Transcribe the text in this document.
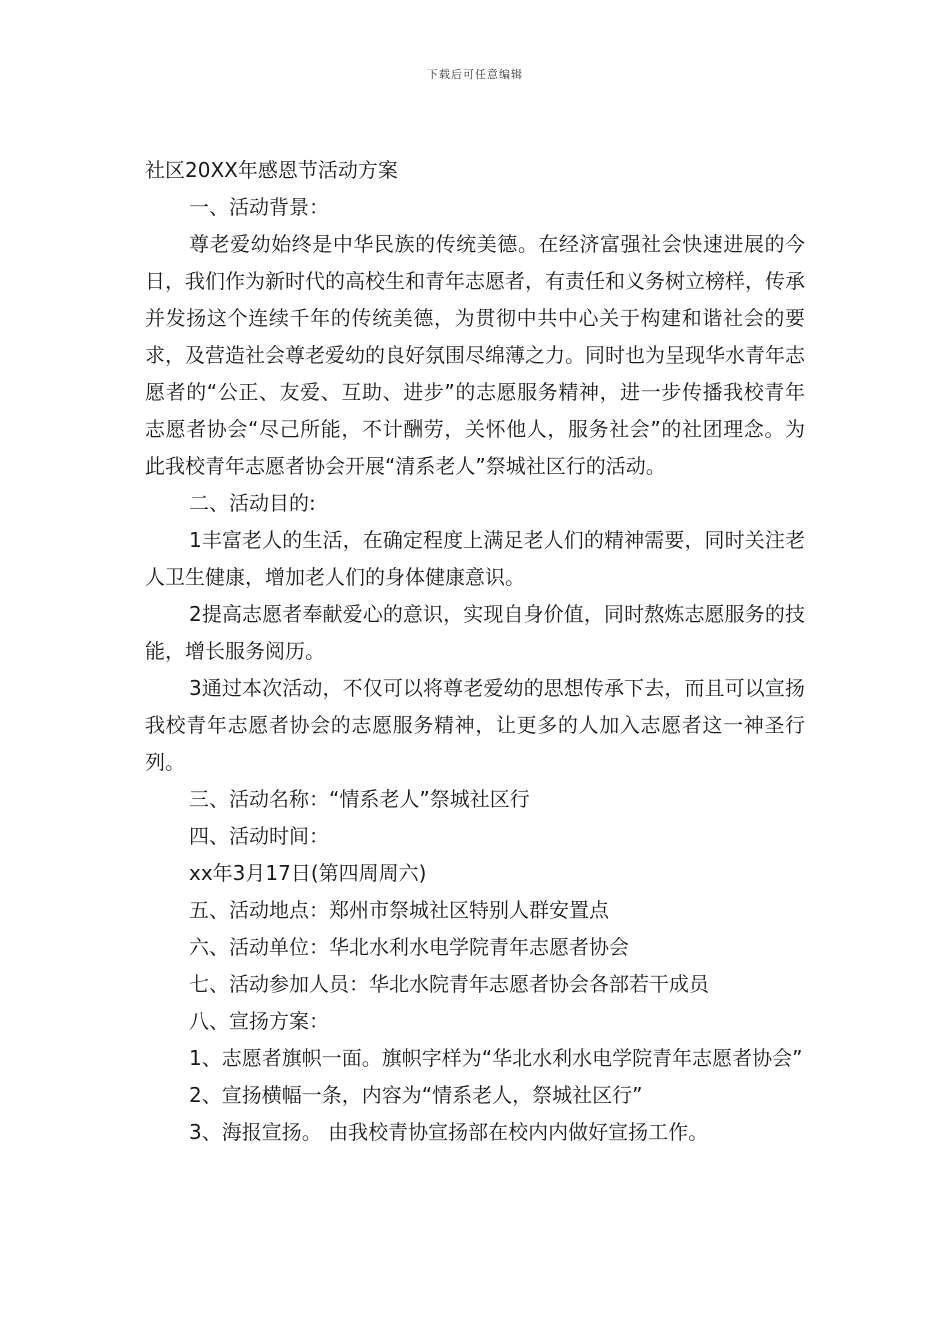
下载后可任意编辑

社区20XX年感恩节活动方案

一、活动背景：

尊老爱幼始终是中华民族的传统美德。在经济富强社会快速进展的今日，我们作为新时代的高校生和青年志愿者，有责任和义务树立榜样，传承并发扬这个连续千年的传统美德，为贯彻中共中心关于构建和谐社会的要求，及营造社会尊老爱幼的良好氛围尽绵薄之力。同时也为呈现华水青年志愿者的“公正、友爱、互助、进步”的志愿服务精神，进一步传播我校青年志愿者协会“尽己所能，不计酬劳，关怀他人，服务社会”的社团理念。为此我校青年志愿者协会开展“清系老人”祭城社区行的活动。

二、活动目的:

1丰富老人的生活，在确定程度上满足老人们的精神需要，同时关注老人卫生健康，增加老人们的身体健康意识。

2提高志愿者奉献爱心的意识，实现自身价值，同时熬炼志愿服务的技能，增长服务阅历。

3通过本次活动，不仅可以将尊老爱幼的思想传承下去，而且可以宣扬我校青年志愿者协会的志愿服务精神，让更多的人加入志愿者这一神圣行列。

三、活动名称：“情系老人”祭城社区行

四、活动时间：

xx年3月17日(第四周周六)

五、活动地点：郑州市祭城社区特别人群安置点

六、活动单位：华北水利水电学院青年志愿者协会

七、活动参加人员：华北水院青年志愿者协会各部若干成员

八、宣扬方案：

1、志愿者旗帜一面。旗帜字样为“华北水利水电学院青年志愿者协会”

2、宣扬横幅一条，内容为“情系老人，祭城社区行”

3、海报宣扬。 由我校青协宣扬部在校内内做好宣扬工作。
